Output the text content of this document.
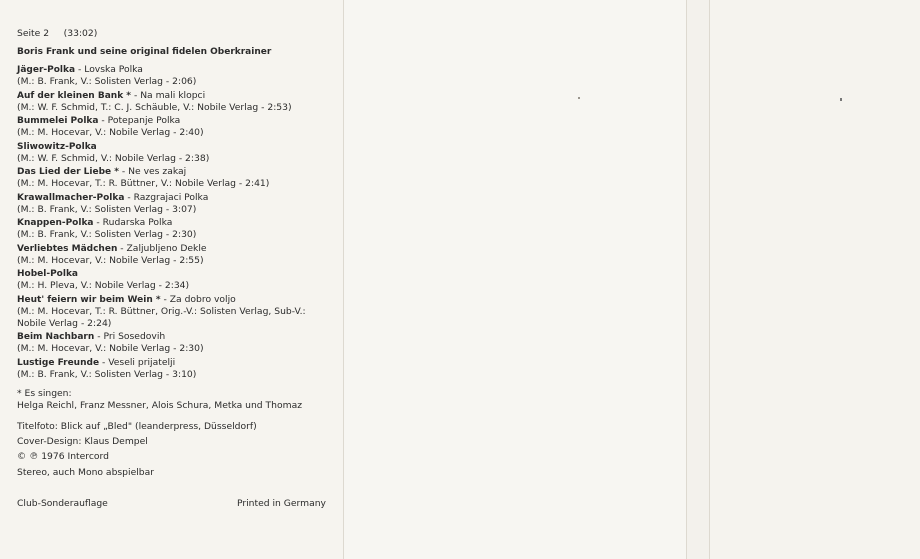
Seite 2 (33:02)
Boris Frank und seine original fidelen Oberkrainer
Jäger-Polka - Lovska Polka
(M.: B. Frank, V.: Solisten Verlag - 2:06)
Auf der kleinen Bank * - Na mali klopci
(M.: W. F. Schmid, T.: C. J. Schäuble, V.: Nobile Verlag - 2:53)
Bummelei Polka - Potepanje Polka
(M.: M. Hocevar, V.: Nobile Verlag - 2:40)
Sliwowitz-Polka
(M.: W. F. Schmid, V.: Nobile Verlag - 2:38)
Das Lied der Liebe * - Ne ves zakaj
(M.: M. Hocevar, T.: R. Büttner, V.: Nobile Verlag - 2:41)
Krawallmacher-Polka - Razgrajaci Polka
(M.: B. Frank, V.: Solisten Verlag - 3:07)
Knappen-Polka - Rudarska Polka
(M.: B. Frank, V.: Solisten Verlag - 2:30)
Verliebtes Mädchen - Zaljubljeno Dekle
(M.: M. Hocevar, V.: Nobile Verlag - 2:55)
Hobel-Polka
(M.: H. Pleva, V.: Nobile Verlag - 2:34)
Heut' feiern wir beim Wein * - Za dobro voljo
(M.: M. Hocevar, T.: R. Büttner, Orig.-V.: Solisten Verlag, Sub-V.:
Nobile Verlag - 2:24)
Beim Nachbarn - Pri Sosedovih
(M.: M. Hocevar, V.: Nobile Verlag - 2:30)
Lustige Freunde - Veseli prijatelji
(M.: B. Frank, V.: Solisten Verlag - 3:10)
* Es singen:
Helga Reichl, Franz Messner, Alois Schura, Metka und Thomaz
Titelfoto: Blick auf „Bled" (leanderpress, Düsseldorf)
Cover-Design: Klaus Dempel
© ℗ 1976 Intercord
Stereo, auch Mono abspielbar
Club-Sonderauflage	Printed in Germany
